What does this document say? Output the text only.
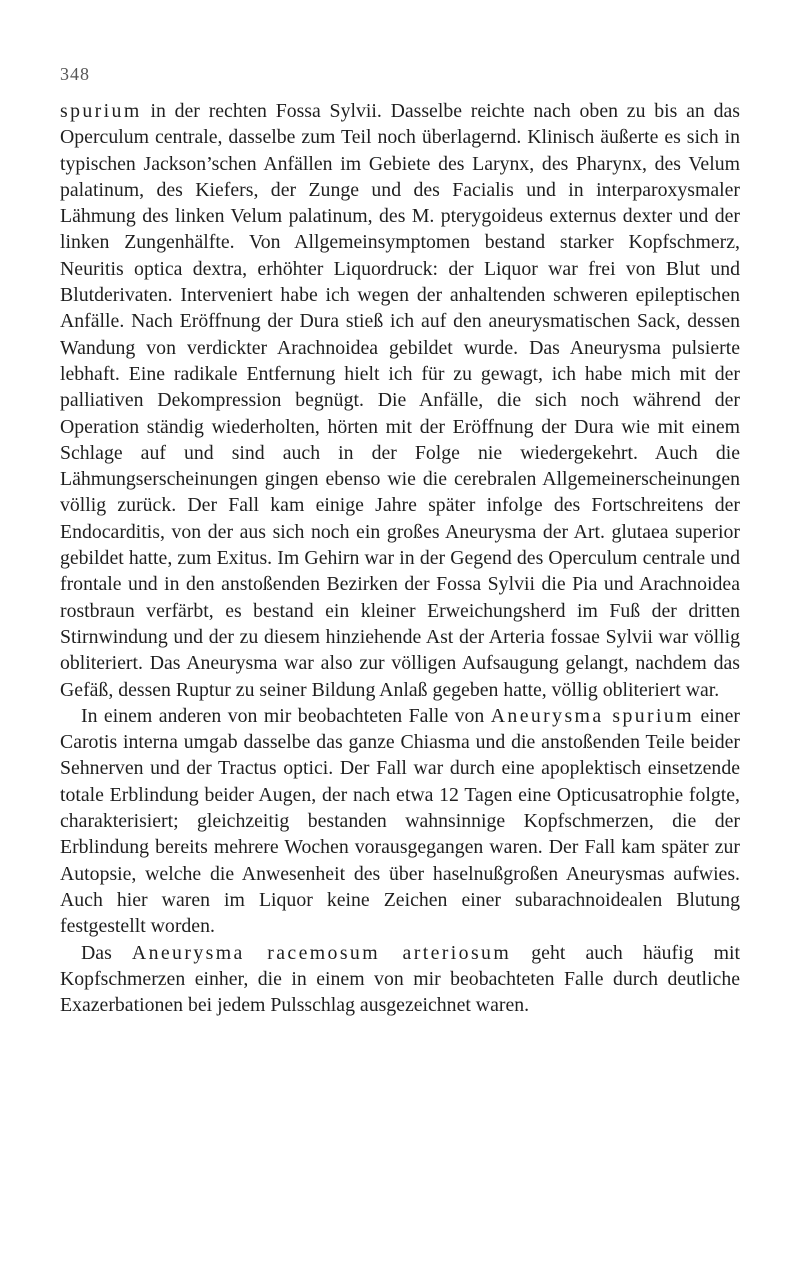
348

spurium in der rechten Fossa Sylvii. Dasselbe reichte nach oben zu bis an das Operculum centrale, dasselbe zum Teil noch überlagernd. Klinisch äußerte es sich in typischen Jackson’schen Anfällen im Gebiete des Larynx, des Pharynx, des Velum palatinum, des Kiefers, der Zunge und des Facialis und in interparoxysmaler Lähmung des linken Velum palatinum, des M. pterygoideus externus dexter und der linken Zungenhälfte. Von Allgemeinsymptomen bestand starker Kopfschmerz, Neuritis optica dextra, erhöhter Liquordruck: der Liquor war frei von Blut und Blutderivaten. Interveniert habe ich wegen der anhaltenden schweren epileptischen Anfälle. Nach Eröffnung der Dura stieß ich auf den aneurysmatischen Sack, dessen Wandung von verdickter Arachnoidea gebildet wurde. Das Aneurysma pulsierte lebhaft. Eine radikale Entfernung hielt ich für zu gewagt, ich habe mich mit der palliativen Dekompression begnügt. Die Anfälle, die sich noch während der Operation ständig wiederholten, hörten mit der Eröffnung der Dura wie mit einem Schlage auf und sind auch in der Folge nie wiedergekehrt. Auch die Lähmungserscheinungen gingen ebenso wie die cerebralen Allgemeinerscheinungen völlig zurück. Der Fall kam einige Jahre später infolge des Fortschreitens der Endocarditis, von der aus sich noch ein großes Aneurysma der Art. glutaea superior gebildet hatte, zum Exitus. Im Gehirn war in der Gegend des Operculum centrale und frontale und in den anstoßenden Bezirken der Fossa Sylvii die Pia und Arachnoidea rostbraun verfärbt, es bestand ein kleiner Erweichungsherd im Fuß der dritten Stirnwindung und der zu diesem hinziehende Ast der Arteria fossae Sylvii war völlig obliteriert. Das Aneurysma war also zur völligen Aufsaugung gelangt, nachdem das Gefäß, dessen Ruptur zu seiner Bildung Anlaß gegeben hatte, völlig obliteriert war.

In einem anderen von mir beobachteten Falle von Aneurysma spurium einer Carotis interna umgab dasselbe das ganze Chiasma und die anstoßenden Teile beider Sehnerven und der Tractus optici. Der Fall war durch eine apoplektisch einsetzende totale Erblindung beider Augen, der nach etwa 12 Tagen eine Opticusatrophie folgte, charakterisiert; gleichzeitig bestanden wahnsinnige Kopfschmerzen, die der Erblindung bereits mehrere Wochen vorausgegangen waren. Der Fall kam später zur Autopsie, welche die Anwesenheit des über haselnußgroßen Aneurysmas aufwies. Auch hier waren im Liquor keine Zeichen einer subarachnoidealen Blutung festgestellt worden.

Das Aneurysma racemosum arteriosum geht auch häufig mit Kopfschmerzen einher, die in einem von mir beobachteten Falle durch deutliche Exazerbationen bei jedem Pulsschlag ausgezeichnet waren.
